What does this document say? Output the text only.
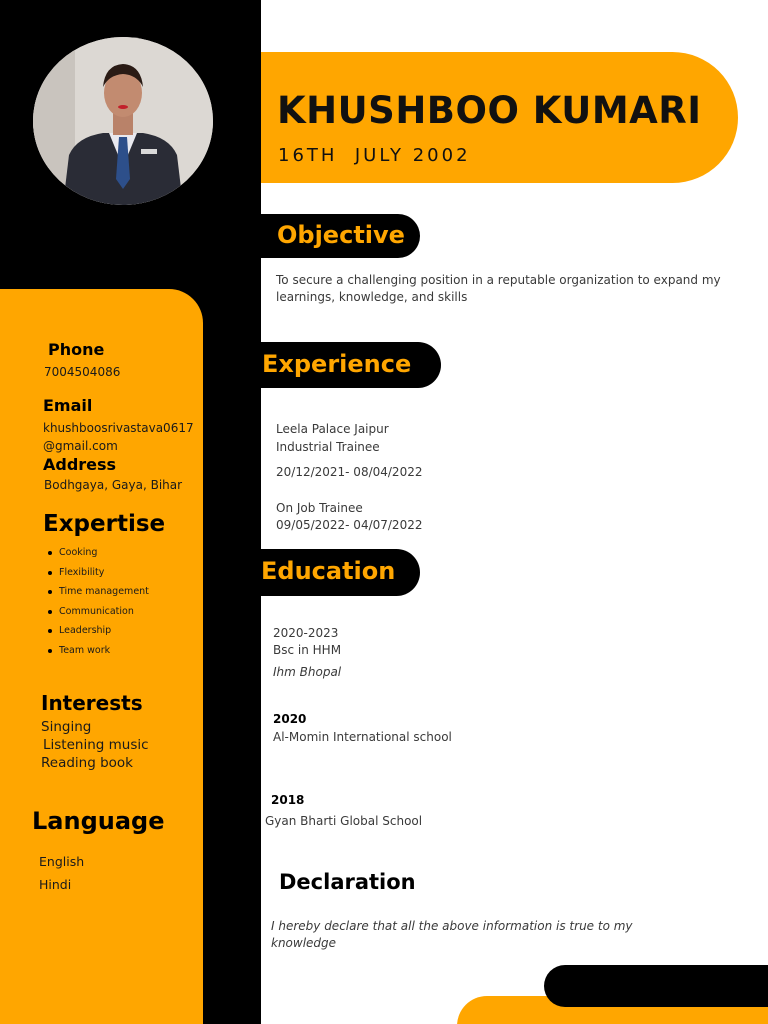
KHUSHBOO KUMARI
16TH  JULY 2002
Objective
To secure a challenging position in a reputable organization to expand my
learnings, knowledge, and skills
Experience
Leela Palace Jaipur
Industrial Trainee
20/12/2021- 08/04/2022
On Job Trainee
09/05/2022- 04/07/2022
Education
2020-2023
Bsc in HHM
Ihm Bhopal
2020
Al-Momin International school
2018
Gyan Bharti Global School
Declaration
I hereby declare that all the above information is true to my
knowledge
Phone
7004504086
Email
khushboosrivastava0617
@gmail.com
Address
Bodhgaya, Gaya, Bihar
Expertise
Cooking
Flexibility
Time management
Communication
Leadership
Team work
Interests
Singing
Listening music
Reading book
Language
English
Hindi
